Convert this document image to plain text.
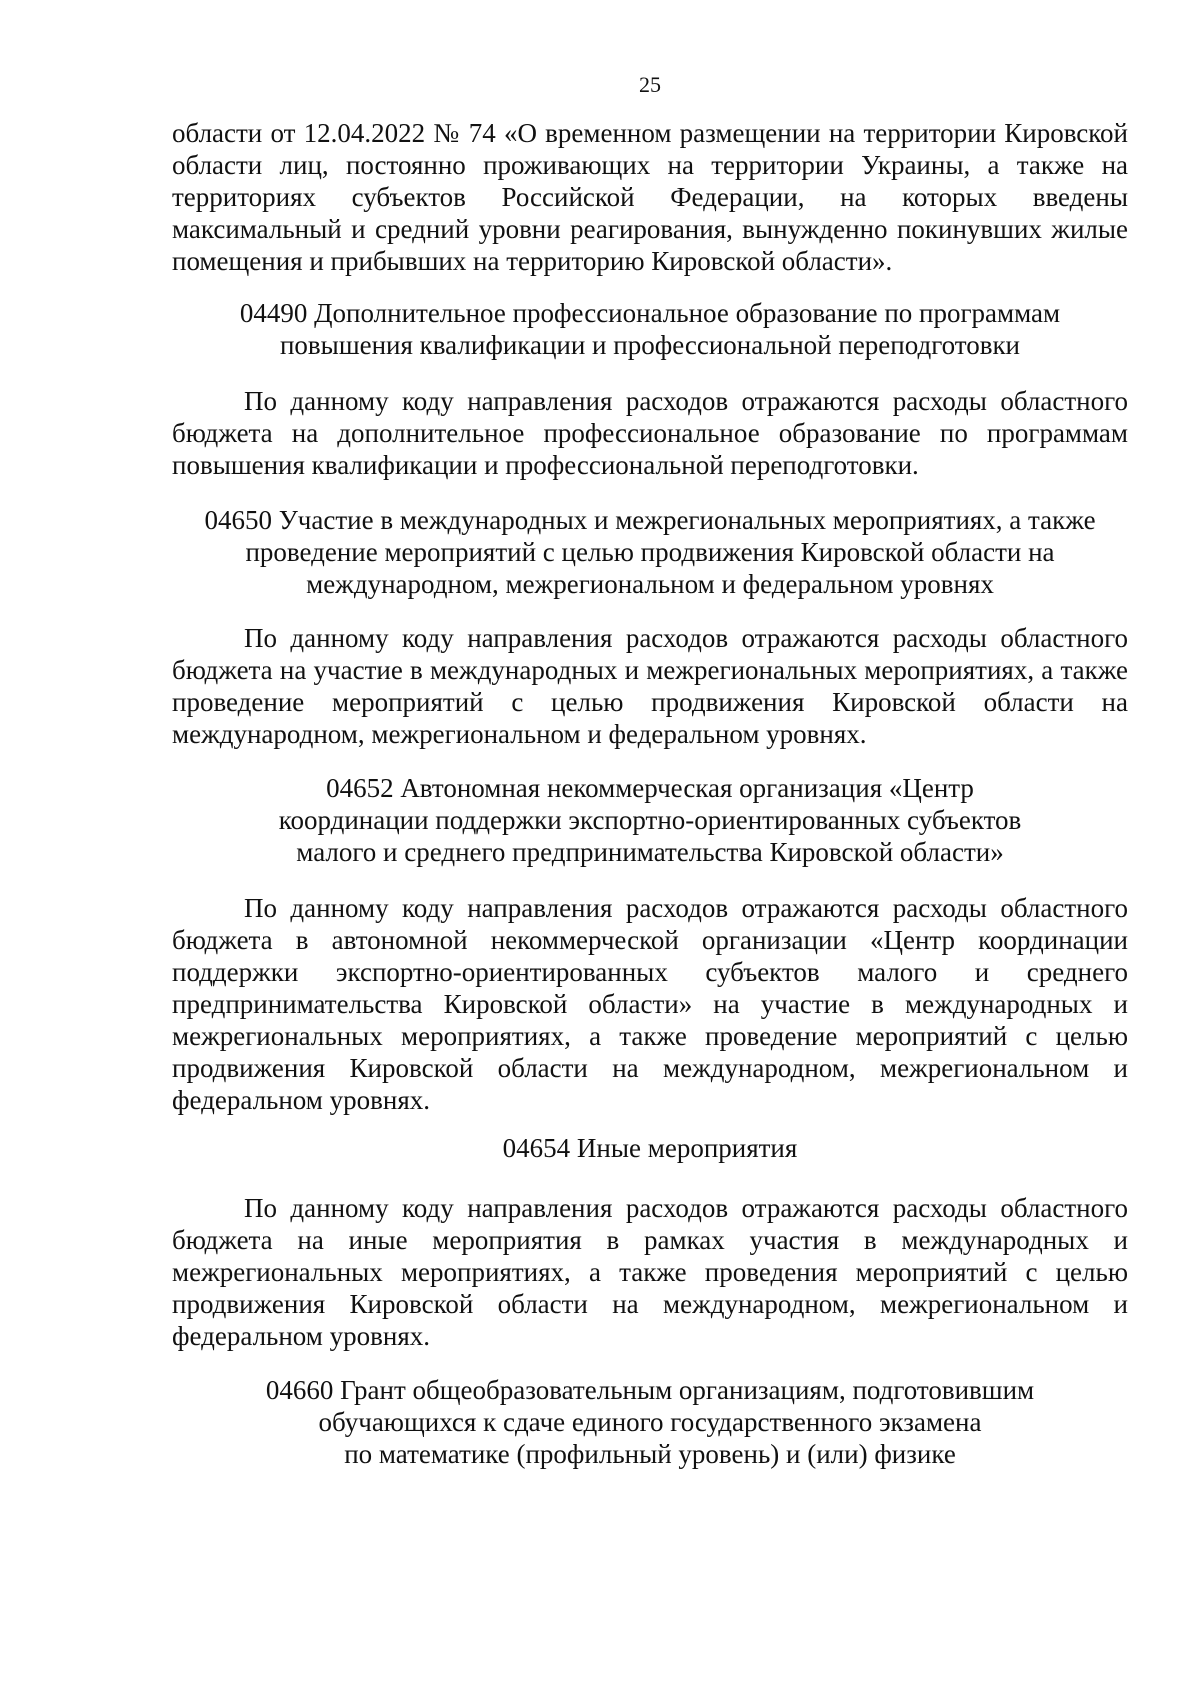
25

области от 12.04.2022 № 74 «О временном размещении на территории Кировской области лиц, постоянно проживающих на территории Украины, а также на территориях субъектов Российской Федерации, на которых введены максимальный и средний уровни реагирования, вынужденно покинувших жилые помещения и прибывших на территорию Кировской области».

04490 Дополнительное профессиональное образование по программам
повышения квалификации и профессиональной переподготовки

По данному коду направления расходов отражаются расходы областного бюджета на дополнительное профессиональное образование по программам повышения квалификации и профессиональной переподготовки.

04650 Участие в международных и межрегиональных мероприятиях, а также
проведение мероприятий с целью продвижения Кировской области на
международном, межрегиональном и федеральном уровнях

По данному коду направления расходов отражаются расходы областного бюджета на участие в международных и межрегиональных мероприятиях, а также проведение мероприятий с целью продвижения Кировской области на международном, межрегиональном и федеральном уровнях.

04652 Автономная некоммерческая организация «Центр
координации поддержки экспортно-ориентированных субъектов
малого и среднего предпринимательства Кировской области»

По данному коду направления расходов отражаются расходы областного бюджета в автономной некоммерческой организации «Центр координации поддержки экспортно-ориентированных субъектов малого и среднего предпринимательства Кировской области» на участие в международных и межрегиональных мероприятиях, а также проведение мероприятий с целью продвижения Кировской области на международном, межрегиональном и федеральном уровнях.

04654 Иные мероприятия

По данному коду направления расходов отражаются расходы областного бюджета на иные мероприятия в рамках участия в международных и межрегиональных мероприятиях, а также проведения мероприятий с целью продвижения Кировской области на международном, межрегиональном и федеральном уровнях.

04660 Грант общеобразовательным организациям, подготовившим
обучающихся к сдаче единого государственного экзамена
по математике (профильный уровень) и (или) физике
